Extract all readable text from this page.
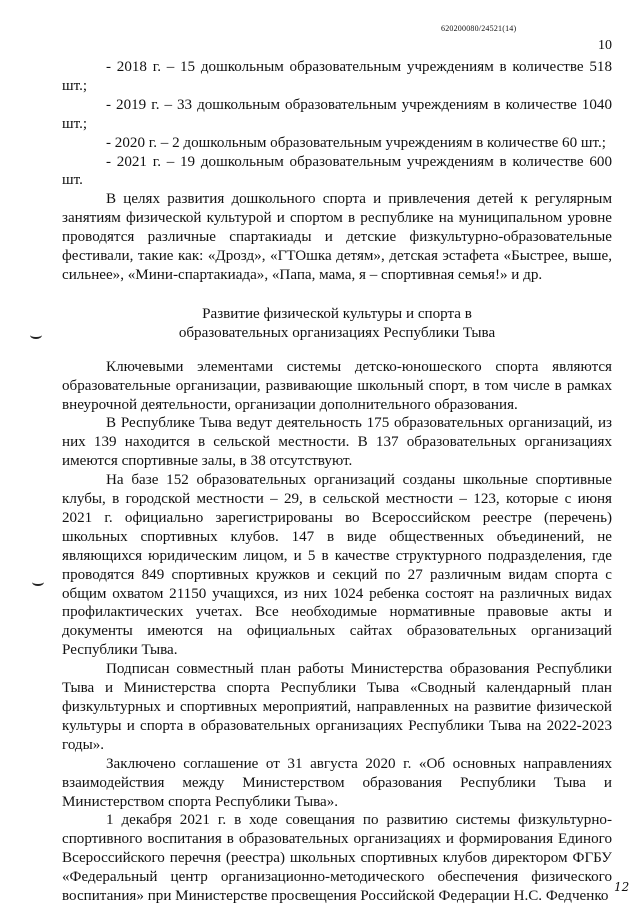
620200080/24521(14)
10

- 2018 г. – 15 дошкольным образовательным учреждениям в количестве 518 шт.;

- 2019 г. – 33 дошкольным образовательным учреждениям в количестве 1040 шт.;

- 2020 г. – 2 дошкольным образовательным учреждениям в количестве 60 шт.;

- 2021 г. – 19 дошкольным образовательным учреждениям в количестве 600 шт.

В целях развития дошкольного спорта и привлечения детей к регулярным занятиям физической культурой и спортом в республике на муниципальном уровне проводятся различные спартакиады и детские физкультурно-образовательные фестивали, такие как: «Дрозд», «ГТОшка детям», детская эстафета «Быстрее, выше, сильнее», «Мини-спартакиада», «Папа, мама, я – спортивная семья!» и др.

Развитие физической культуры и спорта в
образовательных организациях Республики Тыва

Ключевыми элементами системы детско-юношеского спорта являются образовательные организации, развивающие школьный спорт, в том числе в рамках внеурочной деятельности, организации дополнительного образования.

В Республике Тыва ведут деятельность 175 образовательных организаций, из них 139 находится в сельской местности. В 137 образовательных организациях имеются спортивные залы, в 38 отсутствуют.

На базе 152 образовательных организаций созданы школьные спортивные клубы, в городской местности – 29, в сельской местности – 123, которые с июня 2021 г. официально зарегистрированы во Всероссийском реестре (перечень) школьных спортивных клубов. 147 в виде общественных объединений, не являющихся юридическим лицом, и 5 в качестве структурного подразделения, где проводятся 849 спортивных кружков и секций по 27 различным видам спорта с общим охватом 21150 учащихся, из них 1024 ребенка состоят на различных видах профилактических учетах. Все необходимые нормативные правовые акты и документы имеются на официальных сайтах образовательных организаций Республики Тыва.

Подписан совместный план работы Министерства образования Республики Тыва и Министерства спорта Республики Тыва «Сводный календарный план физкультурных и спортивных мероприятий, направленных на развитие физической культуры и спорта в образовательных организациях Республики Тыва на 2022-2023 годы».

Заключено соглашение от 31 августа 2020 г. «Об основных направлениях взаимодействия между Министерством образования Республики Тыва и Министерством спорта Республики Тыва».

1 декабря 2021 г. в ходе совещания по развитию системы физкультурно-спортивного воспитания в образовательных организациях и формирования Единого Всероссийского перечня (реестра) школьных спортивных клубов директором ФГБУ «Федеральный центр организационно-методического обеспечения физического воспитания» при Министерстве просвещения Российской Федерации Н.С. Федченко

12
